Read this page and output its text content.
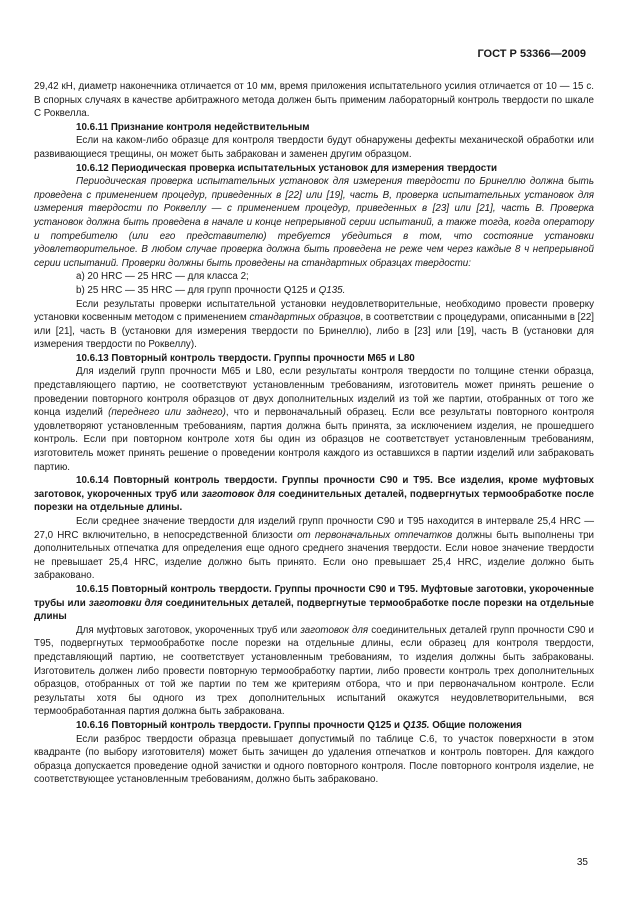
ГОСТ Р 53366—2009

29,42 кН, диаметр наконечника отличается от 10 мм, время приложения испытательного усилия отличается от 10 — 15 с. В спорных случаях в качестве арбитражного метода должен быть применим лабораторный контроль твердости по шкале С Роквелла.

10.6.11 Признание контроля недействительным

Если на каком-либо образце для контроля твердости будут обнаружены дефекты механической обработки или развивающиеся трещины, он может быть забракован и заменен другим образцом.

10.6.12 Периодическая проверка испытательных установок для измерения твердости

Периодическая проверка испытательных установок для измерения твердости по Бринеллю должна быть проведена с применением процедур, приведенных в [22] или [19], часть В, проверка испытательных установок для измерения твердости по Роквеллу — с применением процедур, приведенных в [23] или [21], часть В. Проверка установок должна быть проведена в начале и конце непрерывной серии испытаний, а также тогда, когда оператору и потребителю (или его представителю) требуется убедиться в том, что состояние установки удовлетворительное. В любом случае проверка должна быть проведена не реже чем через каждые 8 ч непрерывной серии испытаний. Проверки должны быть проведены на стандартных образцах твердости:

а) 20 HRC — 25 HRC — для класса 2;

b) 25 HRC — 35 HRC — для групп прочности Q125 и Q135.

Если результаты проверки испытательной установки неудовлетворительные, необходимо провести проверку установки косвенным методом с применением стандартных образцов, в соответствии с процедурами, описанными в [22] или [21], часть В (установки для измерения твердости по Бринеллю), либо в [23] или [19], часть В (установки для измерения твердости по Роквеллу).

10.6.13 Повторный контроль твердости. Группы прочности М65 и L80

Для изделий групп прочности М65 и L80, если результаты контроля твердости по толщине стенки образца, представляющего партию, не соответствуют установленным требованиям, изготовитель может принять решение о проведении повторного контроля образцов от двух дополнительных изделий из той же партии, отобранных от того же конца изделий (переднего или заднего), что и первоначальный образец. Если все результаты повторного контроля удовлетворяют установленным требованиям, партия должна быть принята, за исключением изделия, не прошедшего контроль. Если при повторном контроле хотя бы один из образцов не соответствует установленным требованиям, изготовитель может принять решение о проведении контроля каждого из оставшихся в партии изделий или забраковать партию.

10.6.14 Повторный контроль твердости. Группы прочности С90 и Т95. Все изделия, кроме муфтовых заготовок, укороченных труб или заготовок для соединительных деталей, подвергнутых термообработке после порезки на отдельные длины.

Если среднее значение твердости для изделий групп прочности С90 и Т95 находится в интервале 25,4 HRC — 27,0 HRC включительно, в непосредственной близости от первоначальных отпечатков должны быть выполнены три дополнительных отпечатка для определения еще одного среднего значения твердости. Если новое значение твердости не превышает 25,4 HRC, изделие должно быть принято. Если оно превышает 25,4 HRC, изделие должно быть забраковано.

10.6.15 Повторный контроль твердости. Группы прочности С90 и Т95. Муфтовые заготовки, укороченные трубы или заготовки для соединительных деталей, подвергнутые термообработке после порезки на отдельные длины

Для муфтовых заготовок, укороченных труб или заготовок для соединительных деталей групп прочности С90 и Т95, подвергнутых термообработке после порезки на отдельные длины, если образец для контроля твердости, представляющий партию, не соответствует установленным требованиям, то изделия должны быть забракованы. Изготовитель должен либо провести повторную термообработку партии, либо провести контроль трех дополнительных образцов, отобранных от той же партии по тем же критериям отбора, что и при первоначальном контроле. Если результаты хотя бы одного из трех дополнительных испытаний окажутся неудовлетворительными, вся термообработанная партия должна быть забракована.

10.6.16 Повторный контроль твердости. Группы прочности Q125 и Q135. Общие положения

Если разброс твердости образца превышает допустимый по таблице С.6, то участок поверхности в этом квадранте (по выбору изготовителя) может быть зачищен до удаления отпечатков и контроль повторен. Для каждого образца допускается проведение одной зачистки и одного повторного контроля. После повторного контроля изделие, не соответствующее установленным требованиям, должно быть забраковано.

35
